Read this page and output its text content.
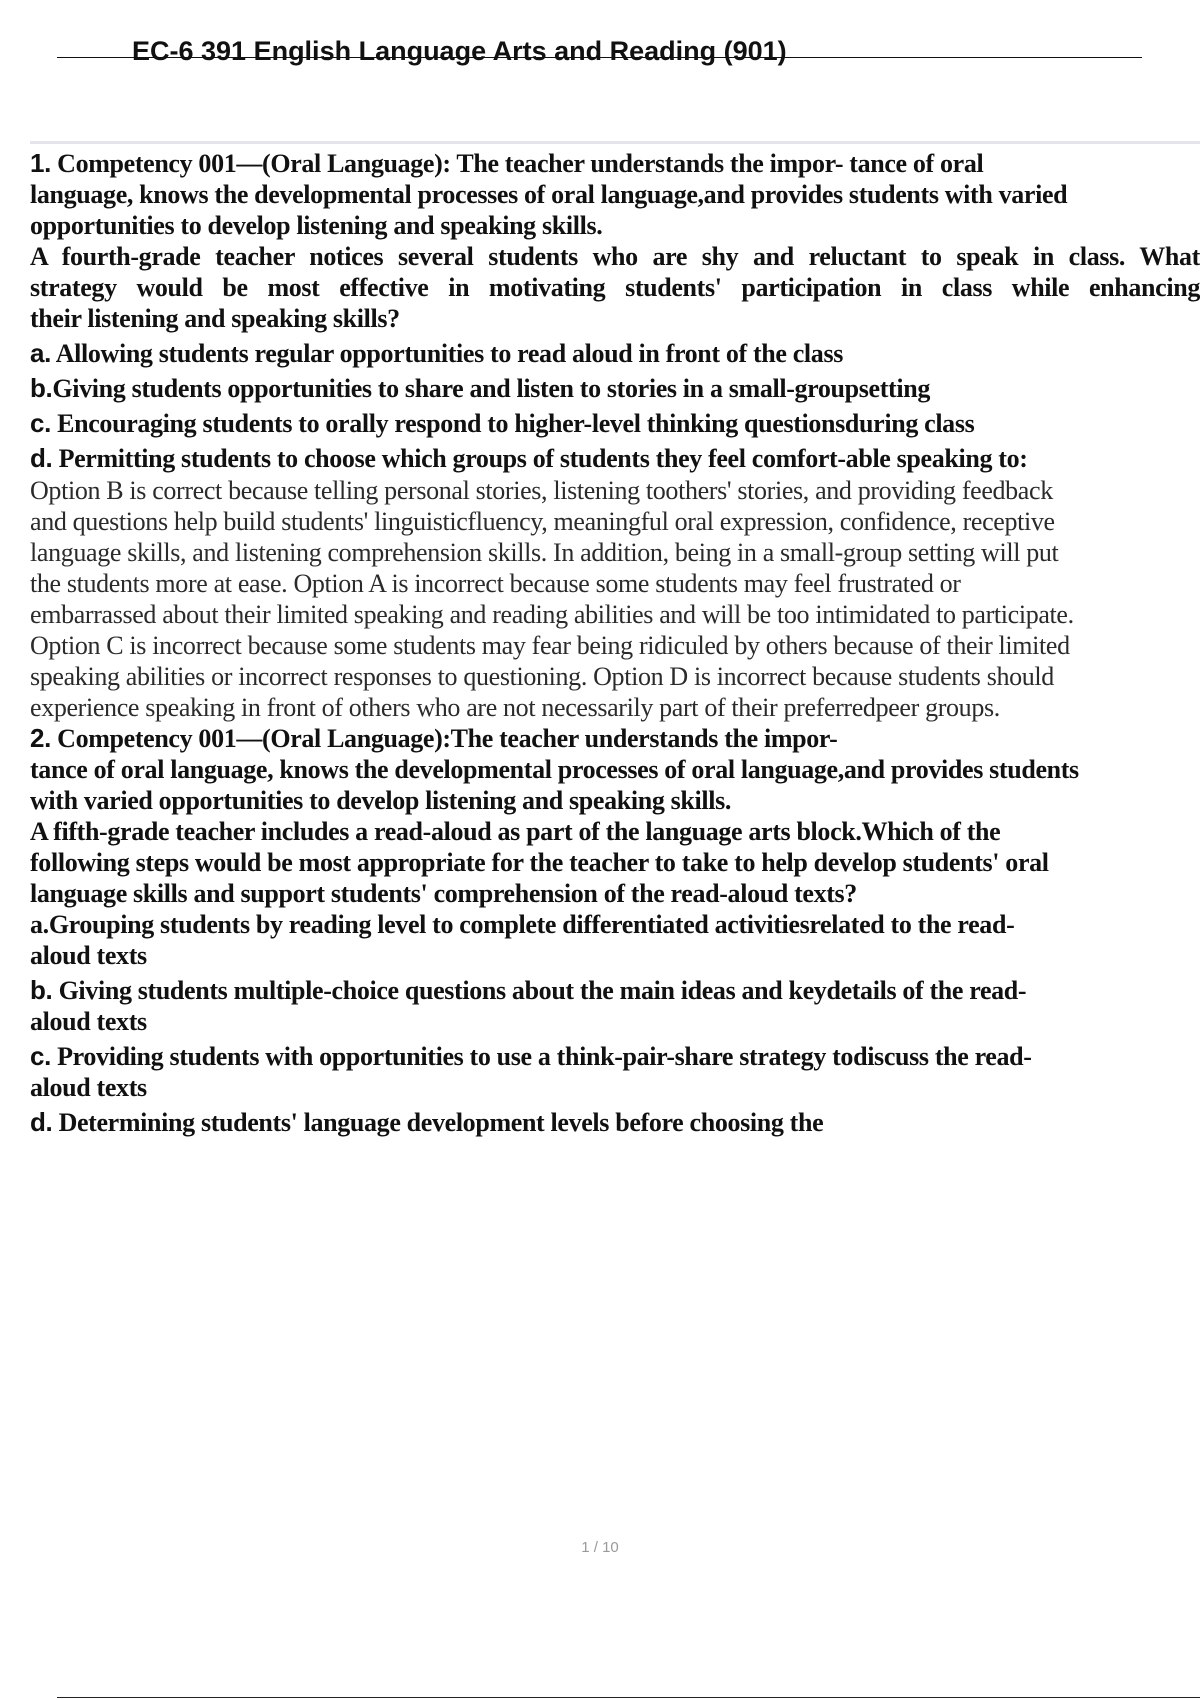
EC-6 391 English Language Arts and Reading (901)
1. Competency 001—(Oral Language): The teacher understands the impor- tance of oral
language, knows the developmental processes of oral language,and provides students with varied
opportunities to develop listening and speaking skills.
A fourth-grade teacher notices several students who are shy and reluctant to speak in class. What
strategy would be most effective in motivating students' participation in class while enhancing
their listening and speaking skills?
a. Allowing students regular opportunities to read aloud in front of the class
b.Giving students opportunities to share and listen to stories in a small-groupsetting
c. Encouraging students to orally respond to higher-level thinking questionsduring class
d. Permitting students to choose which groups of students they feel comfort-able speaking to:
Option B is correct because telling personal stories, listening toothers' stories, and providing feedback
and questions help build students' linguisticfluency, meaningful oral expression, confidence, receptive
language skills, and listening comprehension skills. In addition, being in a small-group setting will put
the students more at ease. Option A is incorrect because some students may feel frustrated or
embarrassed about their limited speaking and reading abilities and will be too intimidated to participate.
Option C is incorrect because some students may fear being ridiculed by others because of their limited
speaking abilities or incorrect responses to questioning. Option D is incorrect because students should
experience speaking in front of others who are not necessarily part of their preferredpeer groups.
2. Competency 001—(Oral Language):The teacher understands the impor-
tance of oral language, knows the developmental processes of oral language,and provides students
with varied opportunities to develop listening and speaking skills.
A fifth-grade teacher includes a read-aloud as part of the language arts block.Which of the
following steps would be most appropriate for the teacher to take to help develop students' oral
language skills and support students' comprehension of the read-aloud texts?
a.Grouping students by reading level to complete differentiated activitiesrelated to the read-
aloud texts
b. Giving students multiple-choice questions about the main ideas and keydetails of the read-
aloud texts
c. Providing students with opportunities to use a think-pair-share strategy todiscuss the read-
aloud texts
d. Determining students' language development levels before choosing the
1 / 10
